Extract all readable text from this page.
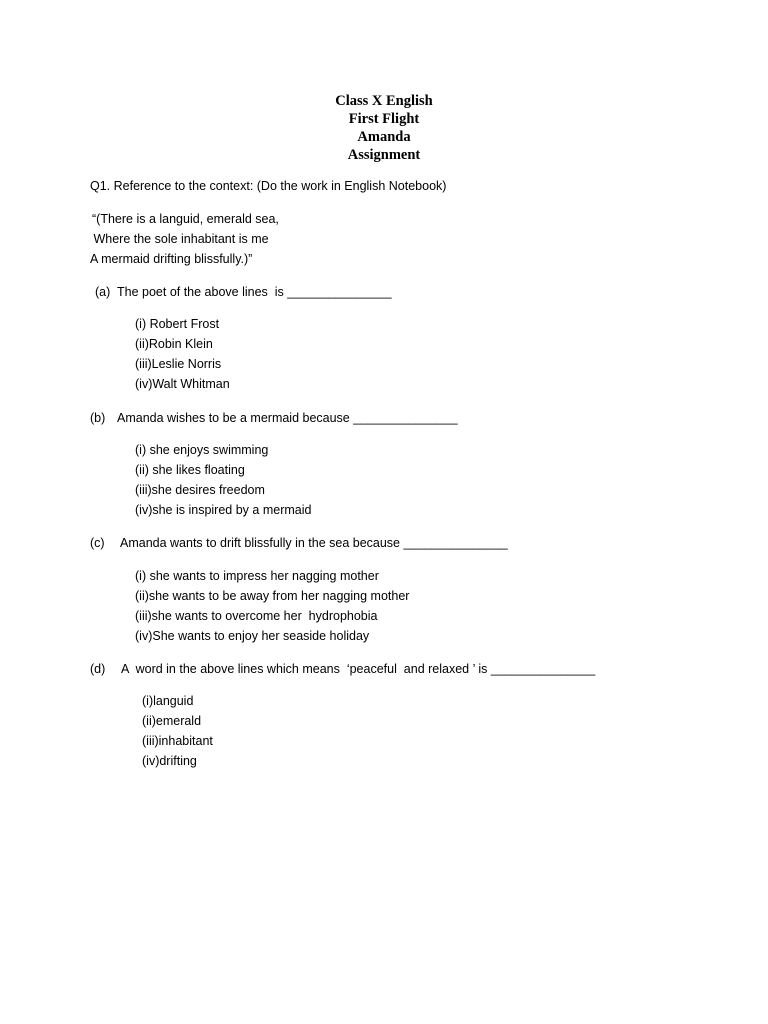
Class X English
First Flight
Amanda
Assignment
Q1. Reference to the context: (Do the work in English Notebook)
“(There is a languid, emerald sea,
Where the sole inhabitant is me
A mermaid drifting blissfully.)”
(a) The poet of the above lines  is _______________
(i) Robert Frost
(ii)Robin Klein
(iii)Leslie Norris
(iv)Walt Whitman
(b) Amanda wishes to be a mermaid because _______________
(i) she enjoys swimming
(ii) she likes floating
(iii)she desires freedom
(iv)she is inspired by a mermaid
(c) Amanda wants to drift blissfully in the sea because _______________
(i) she wants to impress her nagging mother
(ii)she wants to be away from her nagging mother
(iii)she wants to overcome her  hydrophobia
(iv)She wants to enjoy her seaside holiday
(d) A  word in the above lines which means  ‘peaceful  and relaxed ’ is _______________
(i)languid
(ii)emerald
(iii)inhabitant
(iv)drifting
